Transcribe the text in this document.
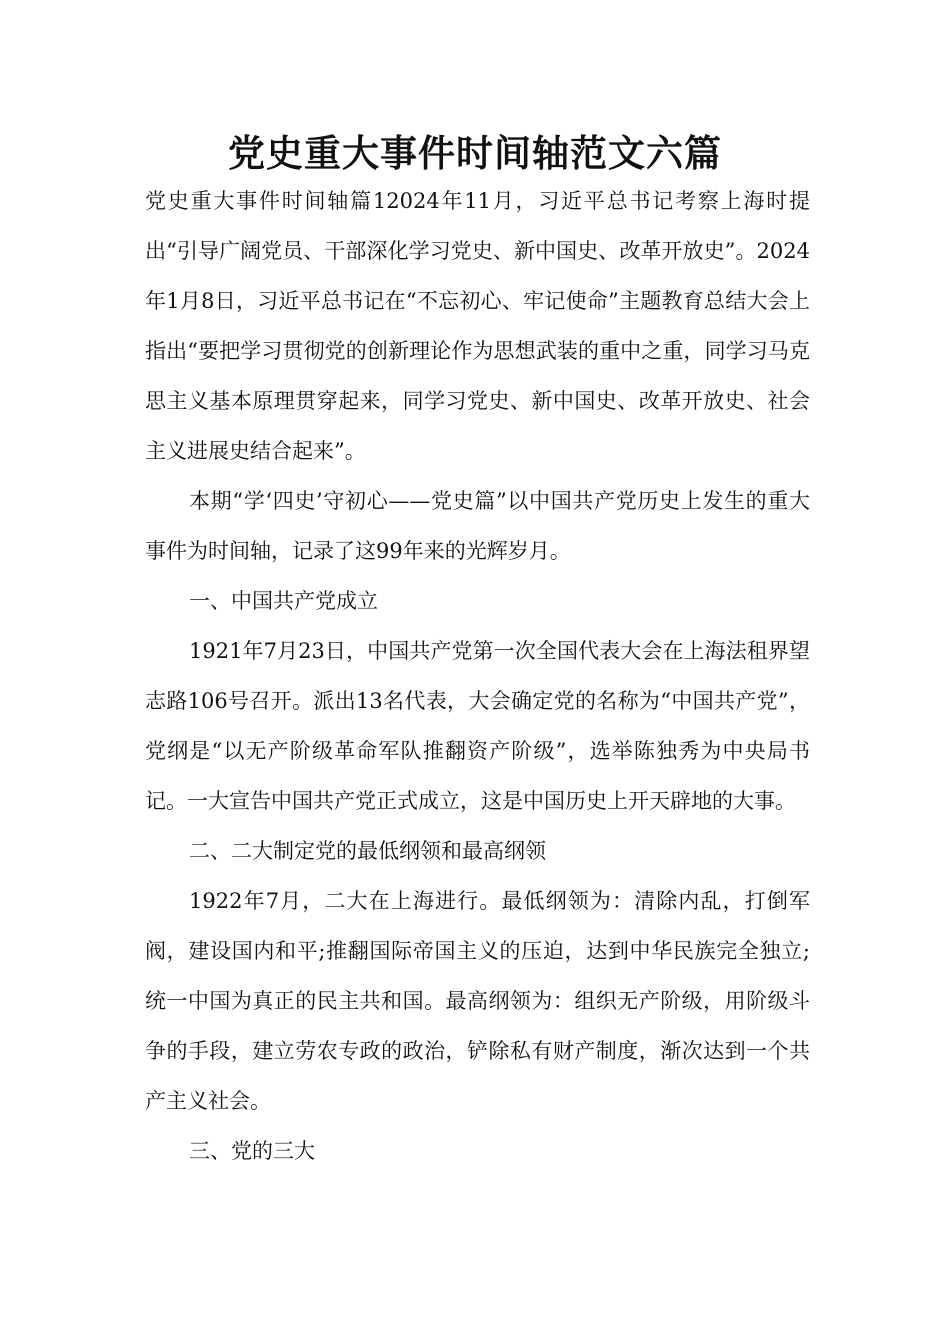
党史重大事件时间轴范文六篇

党史重大事件时间轴篇12024年11月，习近平总书记考察上海时提出“引导广阔党员、干部深化学习党史、新中国史、改革开放史”。2024年1月8日，习近平总书记在“不忘初心、牢记使命”主题教育总结大会上指出“要把学习贯彻党的创新理论作为思想武装的重中之重，同学习马克思主义基本原理贯穿起来，同学习党史、新中国史、改革开放史、社会主义进展史结合起来”。

本期“学‘四史’守初心——党史篇”以中国共产党历史上发生的重大事件为时间轴，记录了这99年来的光辉岁月。

一、中国共产党成立

1921年7月23日，中国共产党第一次全国代表大会在上海法租界望志路106号召开。派出13名代表，大会确定党的名称为“中国共产党”，党纲是“以无产阶级革命军队推翻资产阶级”，选举陈独秀为中央局书记。一大宣告中国共产党正式成立，这是中国历史上开天辟地的大事。

二、二大制定党的最低纲领和最高纲领

1922年7月，二大在上海进行。最低纲领为：清除内乱，打倒军阀，建设国内和平;推翻国际帝国主义的压迫，达到中华民族完全独立;统一中国为真正的民主共和国。最高纲领为：组织无产阶级，用阶级斗争的手段，建立劳农专政的政治，铲除私有财产制度，渐次达到一个共产主义社会。

三、党的三大
